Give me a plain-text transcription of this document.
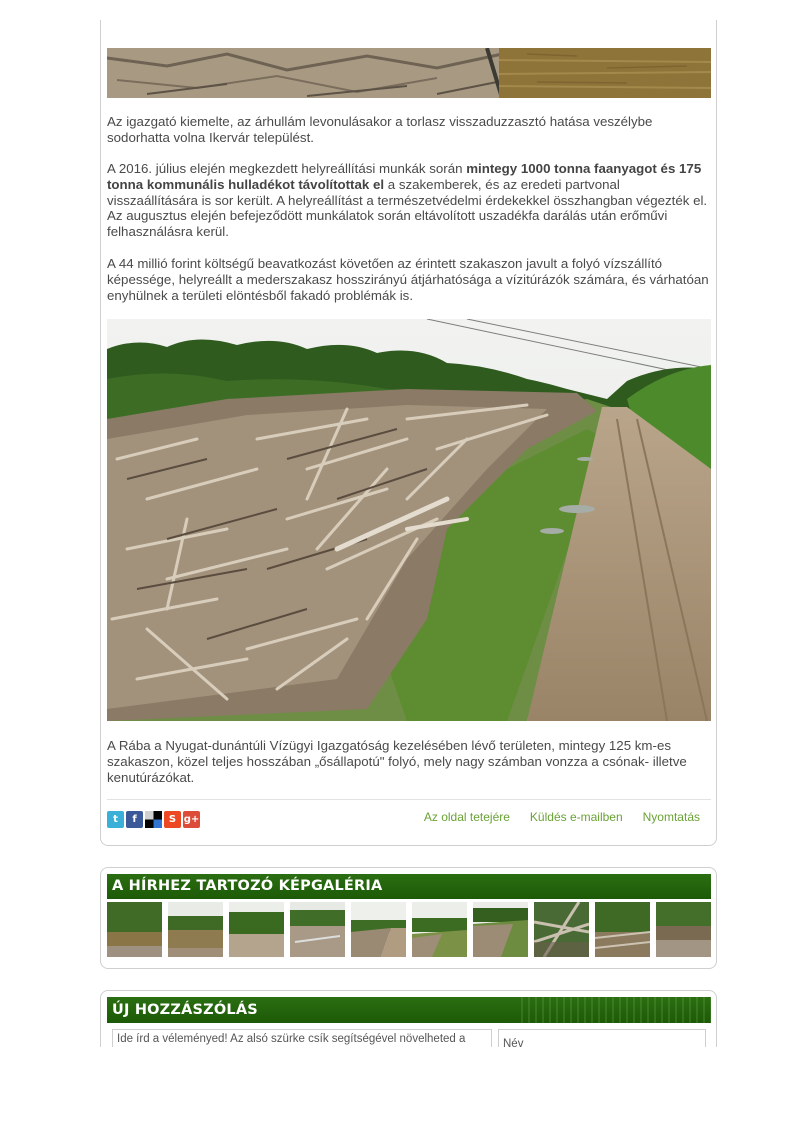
Az igazgató kiemelte, az árhullám levonulásakor a torlasz visszaduzzasztó hatása veszélybe sodorhatta volna Ikervár települést.

A 2016. július elején megkezdett helyreállítási munkák során mintegy 1000 tonna faanyagot és 175 tonna kommunális hulladékot távolítottak el a szakemberek, és az eredeti partvonal visszaállítására is sor került. A helyreállítást a természetvédelmi érdekekkel összhangban végezték el. Az augusztus elején befejeződött munkálatok során eltávolított uszadékfa darálás után erőművi felhasználásra kerül.

A 44 millió forint költségű beavatkozást követően az érintett szakaszon javult a folyó vízszállító képessége, helyreállt a mederszakasz hosszirányú átjárhatósága a vízitúrázók számára, és várhatóan enyhülnek a területi elöntésből fakadó problémák is.

A Rába a Nyugat-dunántúli Vízügyi Igazgatóság kezelésében lévő területen, mintegy 125 km-es szakaszon, közel teljes hosszában „ősállapotú" folyó, mely nagy számban vonzza a csónak- illetve kenutúrázókat.

t	f	S g+	Az oldal tetejére Küldés e-mailben Nyomtatás
A HÍRHEZ TARTOZÓ KÉPGALÉRIA
ÚJ HOZZÁSZÓLÁS
Ide írd a véleményed! Az alsó szürke csík segítségével növelheted a
Név
